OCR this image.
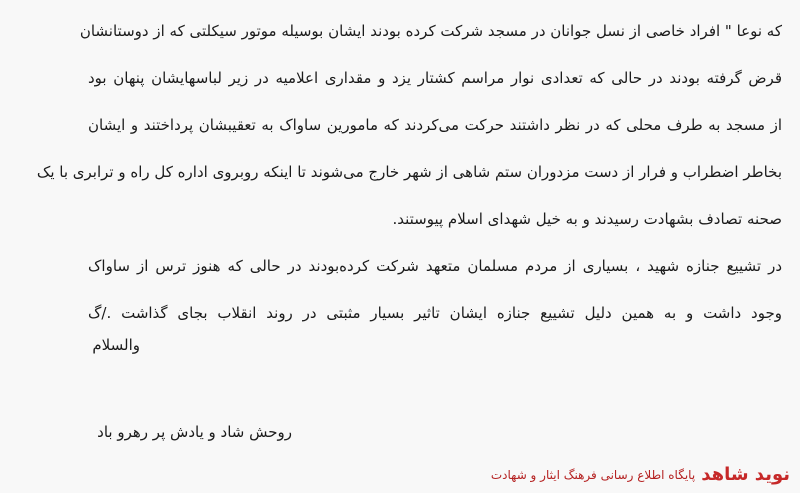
که نوعا " افراد خاصی از نسل جوانان در مسجد شرکت کرده بودند ایشان بوسیله موتور سیکلتی که از دوستانشان
قرض گرفته بودند در حالی که تعدادی نوار مراسم کشتار یزد و مقداری اعلامیه در زیر لباسهایشان پنهان بود
از مسجد به طرف محلی که در نظر داشتند حرکت می‌کردند که مامورین ساواک به تعقیبشان پرداختند و ایشان
بخاطر اضطراب و فرار از دست مزدوران ستم شاهی از شهر خارج می‌شوند تا اینکه روبروی اداره کل راه و ترابری با یک
صحنه تصادف بشهادت رسیدند و به خیل شهدای اسلام پیوستند.
در تشییع جنازه شهید ، بسیاری از مردم مسلمان متعهد شرکت کرده‌بودند در حالی که هنوز ترس از ساواک
وجود داشت و به همین دلیل تشییع جنازه ایشان تاثیر بسیار مثبتی در روند انقلاب بجای گذاشت ./گ
والسلام
روحش شاد و یادش پر رهرو باد
نوید شاهد
پایگاه اطلاع رسانی فرهنگ ایثار و شهادت
